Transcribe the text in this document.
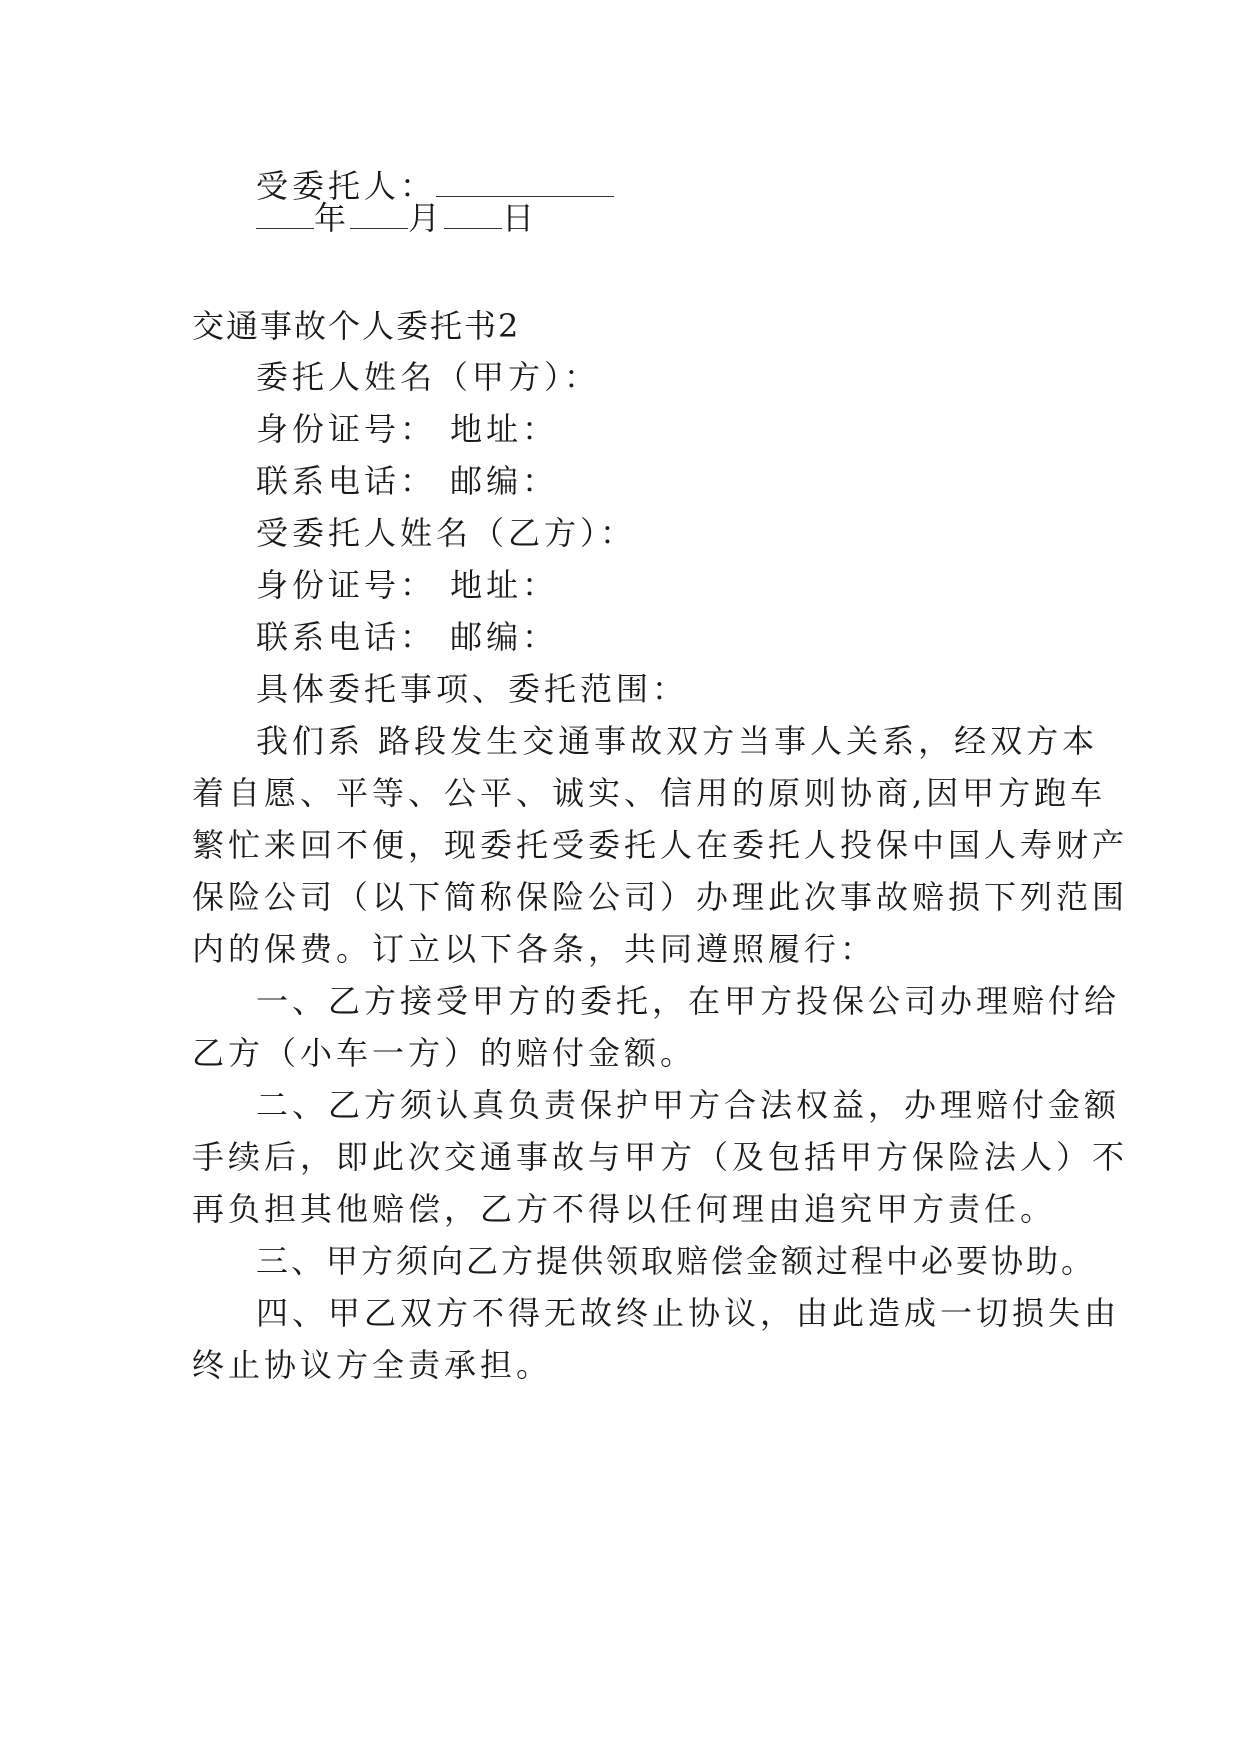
受委托人：
年 月 日
交通事故个人委托书2
委托人姓名（甲方）：
身份证号： 地址：
联系电话： 邮编：
受委托人姓名（乙方）：
身份证号： 地址：
联系电话： 邮编：
具体委托事项、委托范围：
我们系 路段发生交通事故双方当事人关系，经双方本
着自愿、平等、公平、诚实、信用的原则协商,因甲方跑车
繁忙来回不便，现委托受委托人在委托人投保中国人寿财产
保险公司（以下简称保险公司）办理此次事故赔损下列范围
内的保费。订立以下各条，共同遵照履行：
一、乙方接受甲方的委托，在甲方投保公司办理赔付给
乙方（小车一方）的赔付金额。
二、乙方须认真负责保护甲方合法权益，办理赔付金额
手续后，即此次交通事故与甲方（及包括甲方保险法人）不
再负担其他赔偿，乙方不得以任何理由追究甲方责任。
三、甲方须向乙方提供领取赔偿金额过程中必要协助。
四、甲乙双方不得无故终止协议，由此造成一切损失由
终止协议方全责承担。
